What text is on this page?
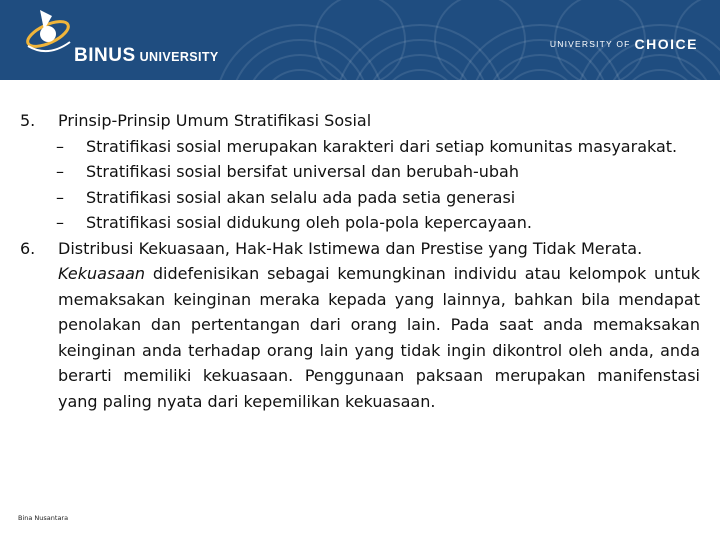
BINUS UNIVERSITY
UNIVERSITY OF CHOICE
5. Prinsip-Prinsip Umum Stratifikasi Sosial
– Stratifikasi sosial merupakan karakteri dari setiap komunitas masyarakat.
– Stratifikasi sosial bersifat universal dan berubah-ubah
– Stratifikasi sosial akan selalu ada pada setia generasi
– Stratifikasi sosial didukung oleh pola-pola kepercayaan.
6. Distribusi Kekuasaan, Hak-Hak Istimewa dan Prestise yang Tidak Merata.
Kekuasaan didefenisikan sebagai kemungkinan individu atau kelompok untuk memaksakan keinginan meraka kepada yang lainnya, bahkan bila mendapat penolakan dan pertentangan dari orang lain. Pada saat anda memaksakan keinginan anda terhadap orang lain yang tidak ingin dikontrol oleh anda, anda berarti memiliki kekuasaan. Penggunaan paksaan merupakan manifenstasi yang paling nyata dari kepemilikan kekuasaan.
Bina Nusantara
